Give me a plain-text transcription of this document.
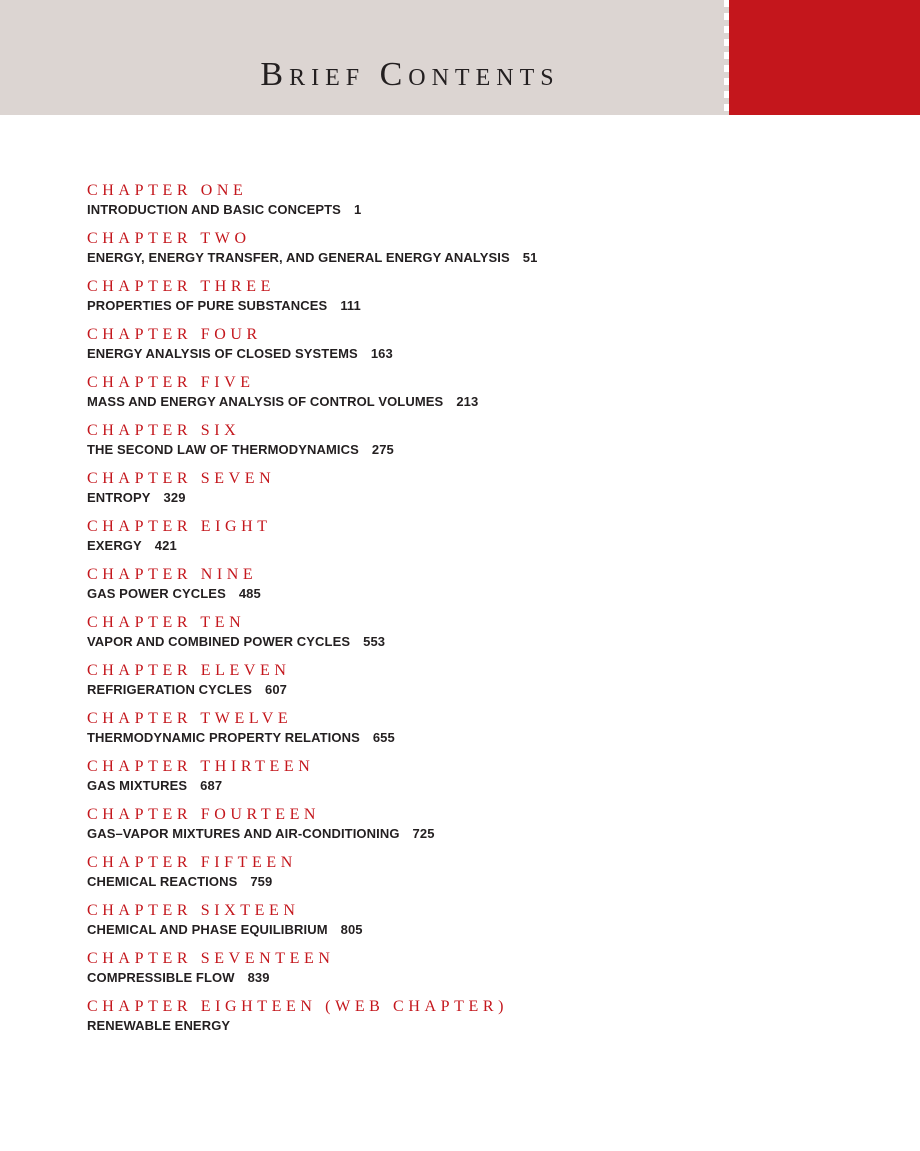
Brief Contents
CHAPTER ONE
INTRODUCTION AND BASIC CONCEPTS 1
CHAPTER TWO
ENERGY, ENERGY TRANSFER, AND GENERAL ENERGY ANALYSIS 51
CHAPTER THREE
PROPERTIES OF PURE SUBSTANCES 111
CHAPTER FOUR
ENERGY ANALYSIS OF CLOSED SYSTEMS 163
CHAPTER FIVE
MASS AND ENERGY ANALYSIS OF CONTROL VOLUMES 213
CHAPTER SIX
THE SECOND LAW OF THERMODYNAMICS 275
CHAPTER SEVEN
ENTROPY 329
CHAPTER EIGHT
EXERGY 421
CHAPTER NINE
GAS POWER CYCLES 485
CHAPTER TEN
VAPOR AND COMBINED POWER CYCLES 553
CHAPTER ELEVEN
REFRIGERATION CYCLES 607
CHAPTER TWELVE
THERMODYNAMIC PROPERTY RELATIONS 655
CHAPTER THIRTEEN
GAS MIXTURES 687
CHAPTER FOURTEEN
GAS–VAPOR MIXTURES AND AIR-CONDITIONING 725
CHAPTER FIFTEEN
CHEMICAL REACTIONS 759
CHAPTER SIXTEEN
CHEMICAL AND PHASE EQUILIBRIUM 805
CHAPTER SEVENTEEN
COMPRESSIBLE FLOW 839
CHAPTER EIGHTEEN (WEB CHAPTER)
RENEWABLE ENERGY
